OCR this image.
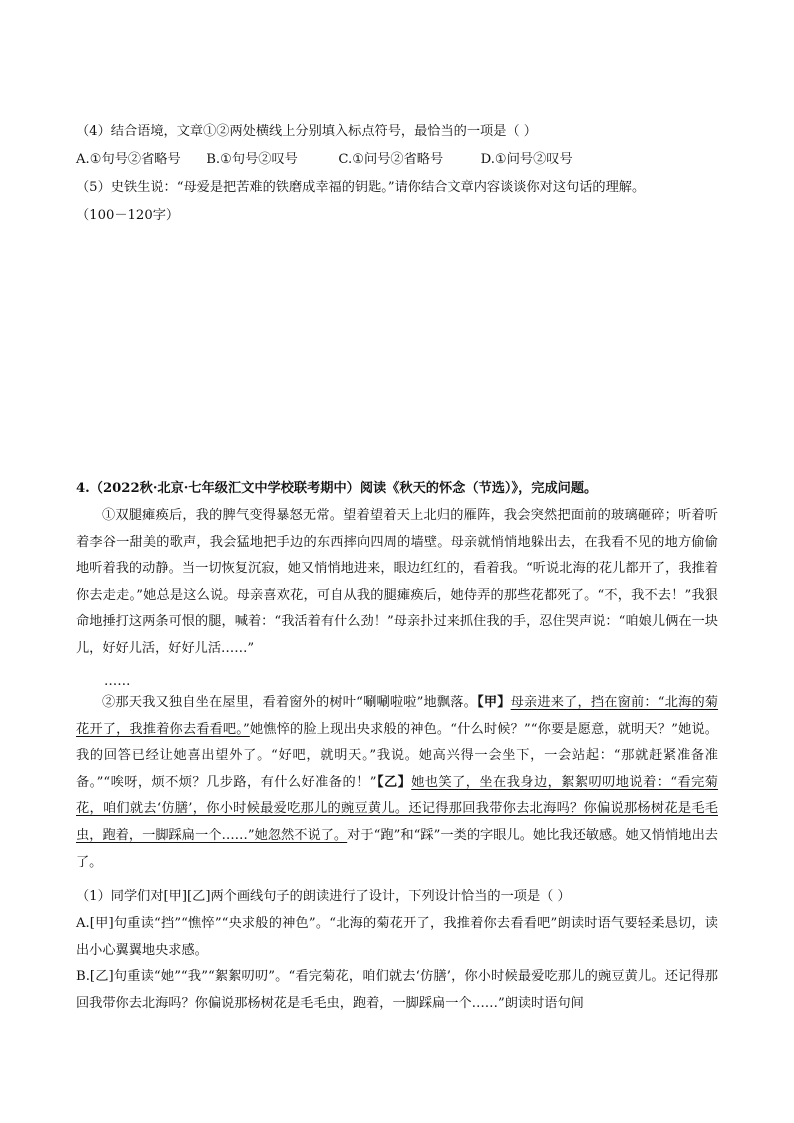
（4）结合语境，文章①②两处横线上分别填入标点符号，最恰当的一项是（ ）
A.①句号②省略号 B.①句号②叹号	C.①问号②省略号	D.①问号②叹号
（5）史铁生说：“母爱是把苦难的铁磨成幸福的钥匙。”请你结合文章内容谈谈你对这句话的理解。
（100－120字）
4.（2022秋·北京·七年级汇文中学校联考期中）阅读《秋天的怀念（节选）》，完成问题。
①双腿瘫痪后，我的脾气变得暴怒无常。望着望着天上北归的雁阵，我会突然把面前的玻璃砸碎；听着听着李谷一甜美的歌声，我会猛地把手边的东西摔向四周的墙壁。母亲就悄悄地躲出去，在我看不见的地方偷偷地听着我的动静。当一切恢复沉寂，她又悄悄地进来，眼边红红的，看着我。“听说北海的花儿都开了，我推着你去走走。”她总是这么说。母亲喜欢花，可自从我的腿瘫痪后，她侍弄的那些花都死了。“不，我不去！”我狠命地捶打这两条可恨的腿，喊着：“我活着有什么劲！”母亲扑过来抓住我的手，忍住哭声说：“咱娘儿俩在一块儿，好好儿活，好好儿活……”
……
②那天我又独自坐在屋里，看着窗外的树叶“唰唰啦啦”地飘落。【甲】母亲进来了，挡在窗前：“北海的菊花开了，我推着你去看看吧。”她憔悴的脸上现出央求般的神色。“什么时候？”“你要是愿意，就明天？”她说。我的回答已经让她喜出望外了。“好吧，就明天。”我说。她高兴得一会坐下，一会站起：“那就赶紧准备准备。”“唉呀，烦不烦？几步路，有什么好准备的！”【乙】她也笑了，坐在我身边，絮絮叨叨地说着：“看完菊花，咱们就去‘仿膳’，你小时候最爱吃那儿的豌豆黄儿。还记得那回我带你去北海吗？你偏说那杨树花是毛毛虫，跑着，一脚踩扁一个……”她忽然不说了。对于“跑”和“踩”一类的字眼儿。她比我还敏感。她又悄悄地出去了。
（1）同学们对[甲][乙]两个画线句子的朗读进行了设计，下列设计恰当的一项是（ ）
A.[甲]句重读“挡”“憔悴”“央求般的神色”。“北海的菊花开了，我推着你去看看吧”朗读时语气要轻柔恳切，读出小心翼翼地央求感。
B.[乙]句重读“她”“我”“絮絮叨叨”。“看完菊花，咱们就去‘仿膳’，你小时候最爱吃那儿的豌豆黄儿。还记得那回我带你去北海吗？你偏说那杨树花是毛毛虫，跑着，一脚踩扁一个……”朗读时语句间
